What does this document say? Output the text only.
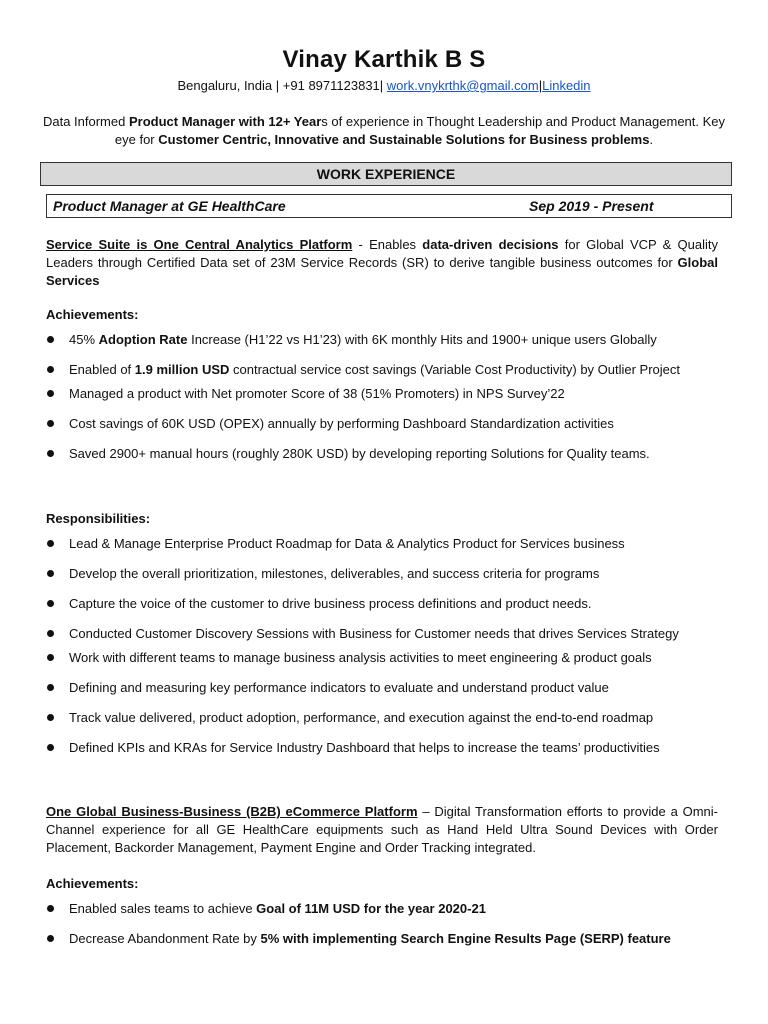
Vinay Karthik B S
Bengaluru, India | +91 8971123831| work.vnykrthk@gmail.com|Linkedin
Data Informed Product Manager with 12+ Years of experience in Thought Leadership and Product Management. Key eye for Customer Centric, Innovative and Sustainable Solutions for Business problems.
WORK EXPERIENCE
Product Manager at GE HealthCare	Sep 2019 - Present
Service Suite is One Central Analytics Platform - Enables data-driven decisions for Global VCP & Quality Leaders through Certified Data set of 23M Service Records (SR) to derive tangible business outcomes for Global Services
Achievements:
45% Adoption Rate Increase (H1’22 vs H1’23) with 6K monthly Hits and 1900+ unique users Globally
Enabled of 1.9 million USD contractual service cost savings (Variable Cost Productivity) by Outlier Project
Managed a product with Net promoter Score of 38 (51% Promoters) in NPS Survey’22
Cost savings of 60K USD (OPEX) annually by performing Dashboard Standardization activities
Saved 2900+ manual hours (roughly 280K USD) by developing reporting Solutions for Quality teams.
Responsibilities:
Lead & Manage Enterprise Product Roadmap for Data & Analytics Product for Services business
Develop the overall prioritization, milestones, deliverables, and success criteria for programs
Capture the voice of the customer to drive business process definitions and product needs.
Conducted Customer Discovery Sessions with Business for Customer needs that drives Services Strategy
Work with different teams to manage business analysis activities to meet engineering & product goals
Defining and measuring key performance indicators to evaluate and understand product value
Track value delivered, product adoption, performance, and execution against the end-to-end roadmap
Defined KPIs and KRAs for Service Industry Dashboard that helps to increase the teams’ productivities
One Global Business-Business (B2B) eCommerce Platform – Digital Transformation efforts to provide a Omni-Channel experience for all GE HealthCare equipments such as Hand Held Ultra Sound Devices with Order Placement, Backorder Management, Payment Engine and Order Tracking integrated.
Achievements:
Enabled sales teams to achieve Goal of 11M USD for the year 2020-21
Decrease Abandonment Rate by 5% with implementing Search Engine Results Page (SERP) feature
